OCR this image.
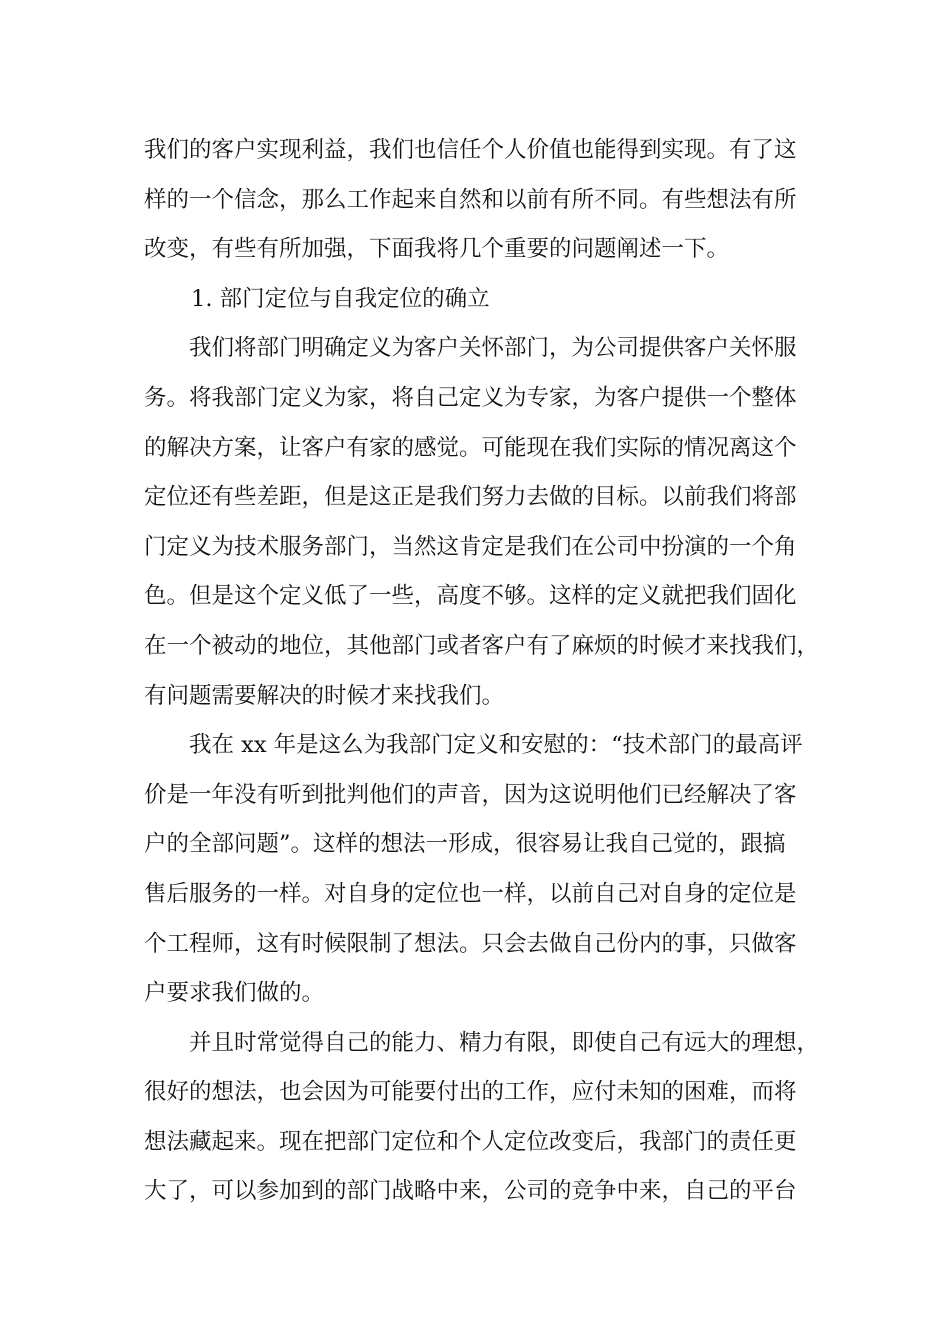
我们的客户实现利益，我们也信任个人价值也能得到实现。有了这
样的一个信念，那么工作起来自然和以前有所不同。有些想法有所
改变，有些有所加强，下面我将几个重要的问题阐述一下。
1. 部门定位与自我定位的确立
我们将部门明确定义为客户关怀部门，为公司提供客户关怀服
务。将我部门定义为家，将自己定义为专家，为客户提供一个整体
的解决方案，让客户有家的感觉。可能现在我们实际的情况离这个
定位还有些差距，但是这正是我们努力去做的目标。以前我们将部
门定义为技术服务部门，当然这肯定是我们在公司中扮演的一个角
色。但是这个定义低了一些，高度不够。这样的定义就把我们固化
在一个被动的地位，其他部门或者客户有了麻烦的时候才来找我们，
有问题需要解决的时候才来找我们。
我在 xx 年是这么为我部门定义和安慰的：“技术部门的最高评
价是一年没有听到批判他们的声音，因为这说明他们已经解决了客
户的全部问题”。这样的想法一形成，很容易让我自己觉的，跟搞
售后服务的一样。对自身的定位也一样，以前自己对自身的定位是
个工程师，这有时候限制了想法。只会去做自己份内的事，只做客
户要求我们做的。
并且时常觉得自己的能力、精力有限，即使自己有远大的理想，
很好的想法，也会因为可能要付出的工作，应付未知的困难，而将
想法藏起来。现在把部门定位和个人定位改变后，我部门的责任更
大了，可以参加到的部门战略中来，公司的竞争中来，自己的平台
